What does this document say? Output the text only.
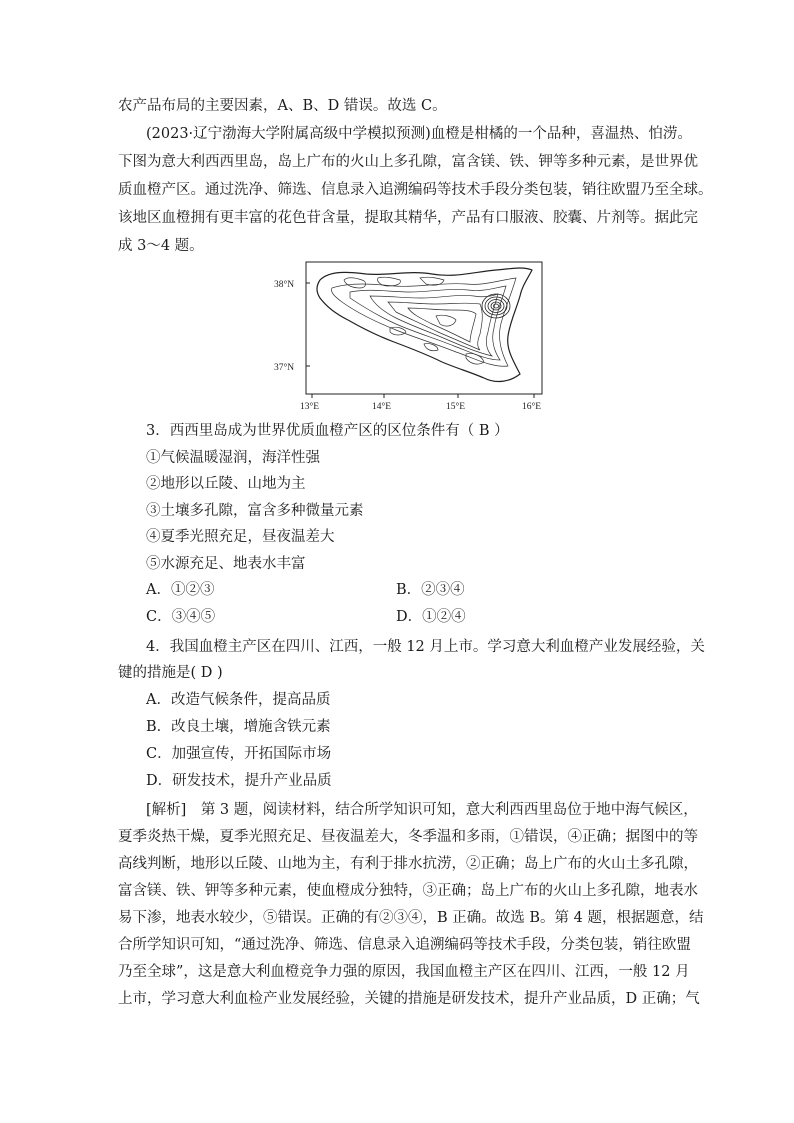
农产品布局的主要因素，A、B、D 错误。故选 C。
(2023·辽宁渤海大学附属高级中学模拟预测)血橙是柑橘的一个品种，喜温热、怕涝。
下图为意大利西西里岛，岛上广布的火山上多孔隙，富含镁、铁、钾等多种元素，是世界优
质血橙产区。通过洗净、筛选、信息录入追溯编码等技术手段分类包装，销往欧盟乃至全球。
该地区血橙拥有更丰富的花色苷含量，提取其精华，产品有口服液、胶囊、片剂等。据此完
成 3～4 题。
38°N
37°N
13°E	14°E	15°E	16°E
3．西西里岛成为世界优质血橙产区的区位条件有（ B ）
①气候温暖湿润，海洋性强
②地形以丘陵、山地为主
③土壤多孔隙，富含多种微量元素
④夏季光照充足，昼夜温差大
⑤水源充足、地表水丰富
A．①②③	B．②③④
C．③④⑤	D．①②④
4．我国血橙主产区在四川、江西，一般 12 月上市。学习意大利血橙产业发展经验，关
键的措施是( D )
A．改造气候条件，提高品质
B．改良土壤，增施含铁元素
C．加强宣传，开拓国际市场
D．研发技术，提升产业品质
[解析]　第 3 题，阅读材料，结合所学知识可知，意大利西西里岛位于地中海气候区，
夏季炎热干燥，夏季光照充足、昼夜温差大，冬季温和多雨，①错误，④正确；据图中的等
高线判断，地形以丘陵、山地为主，有利于排水抗涝，②正确；岛上广布的火山土多孔隙，
富含镁、铁、钾等多种元素，使血橙成分独特，③正确；岛上广布的火山上多孔隙，地表水
易下渗，地表水较少，⑤错误。正确的有②③④，B 正确。故选 B。第 4 题，根据题意，结
合所学知识可知，“通过洗净、筛选、信息录入追溯编码等技术手段，分类包装，销往欧盟
乃至全球”，这是意大利血橙竞争力强的原因，我国血橙主产区在四川、江西，一般 12 月
上市，学习意大利血检产业发展经验，关键的措施是研发技术，提升产业品质，D 正确；气
